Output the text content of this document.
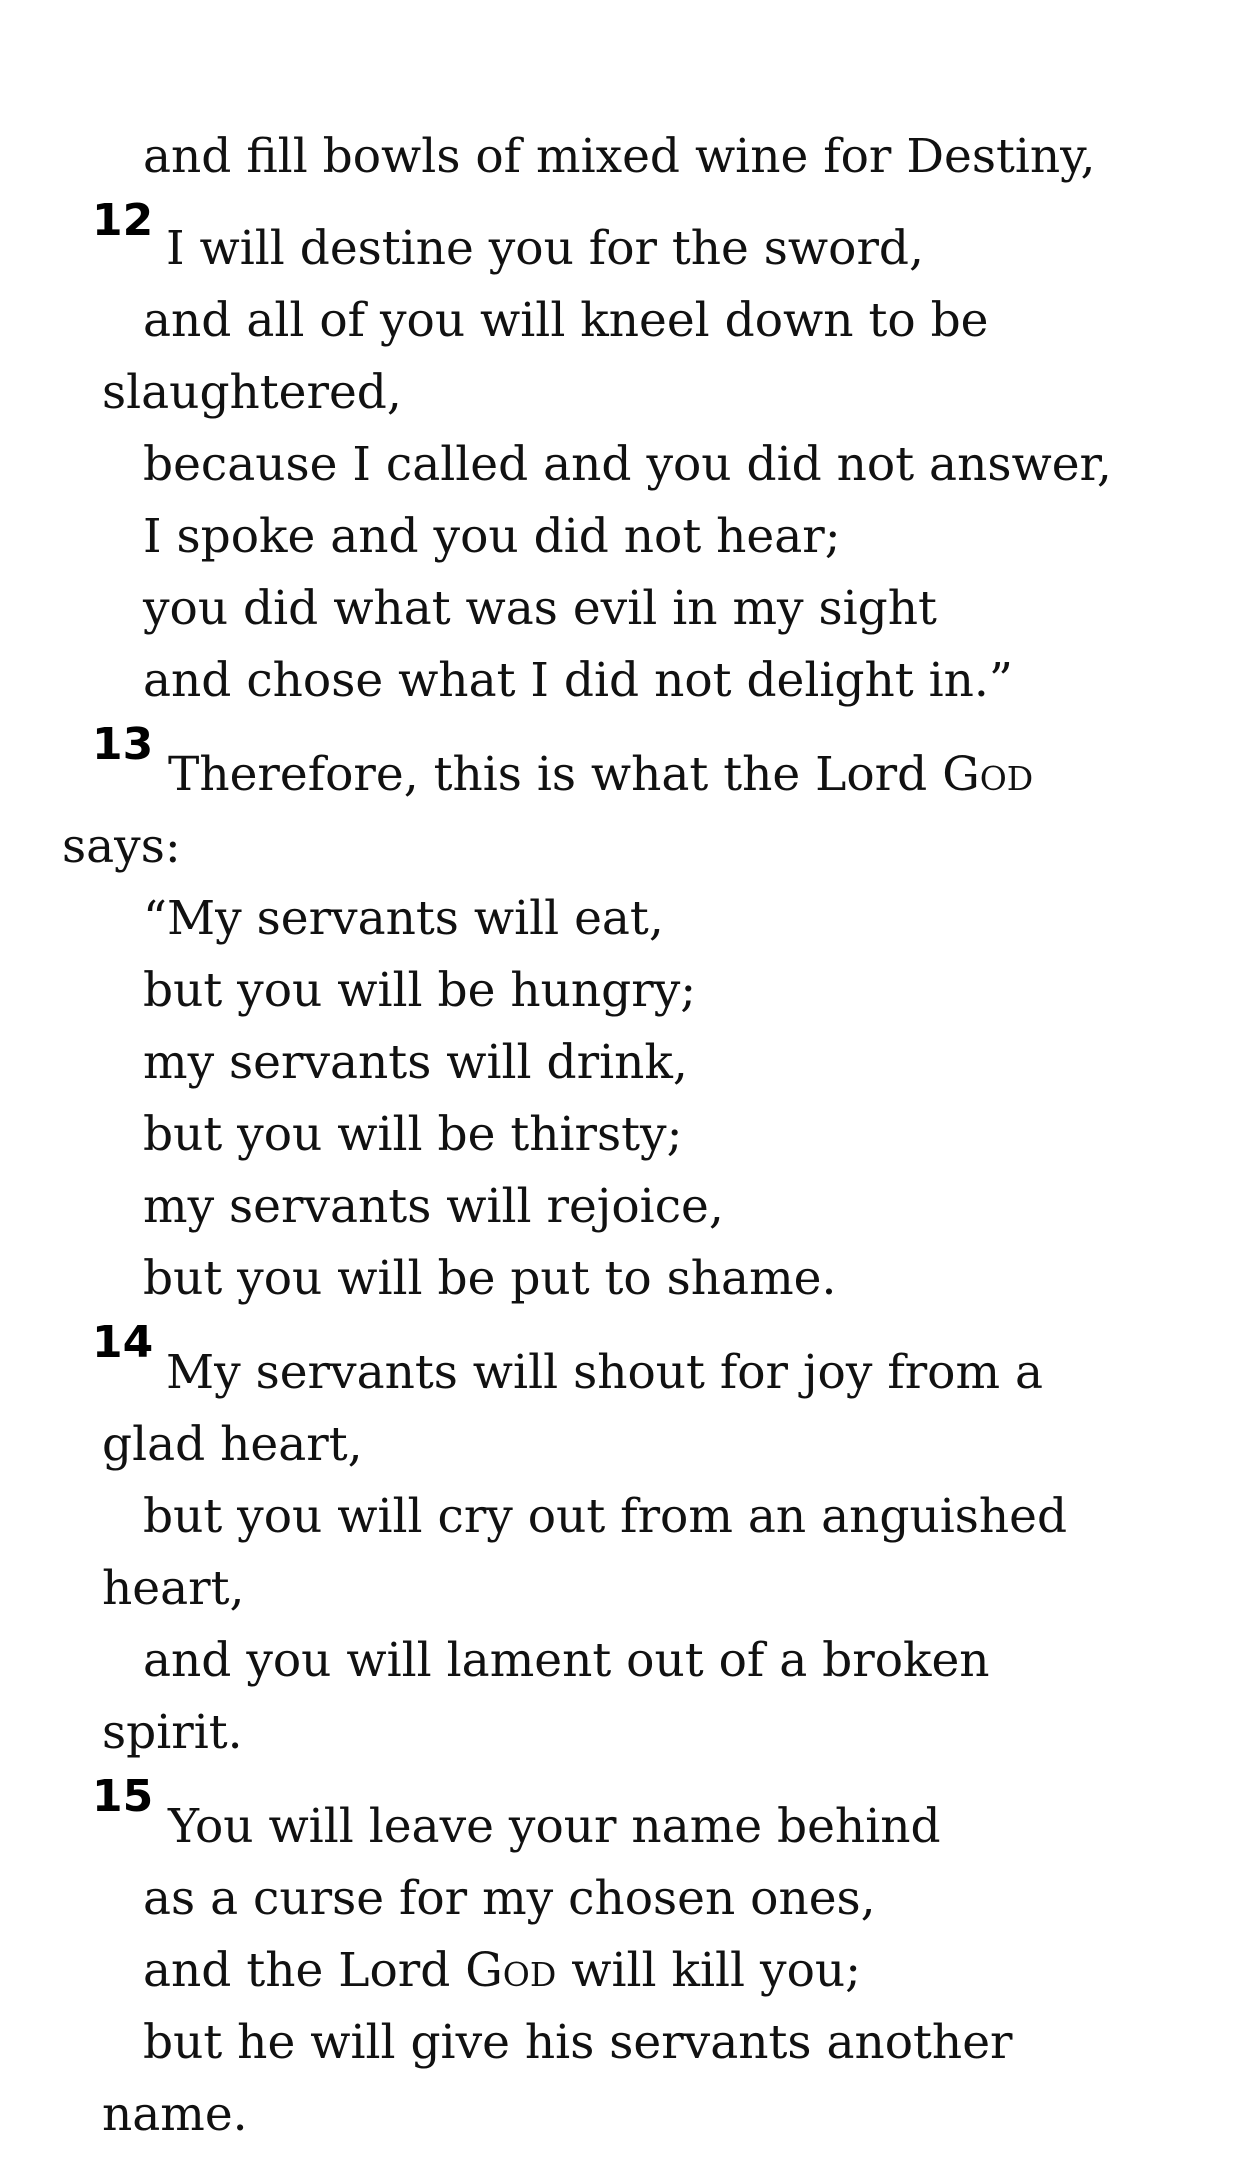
and fill bowls of mixed wine for Destiny,

12

I will destine you for the sword,

and all of you will kneel down to be

slaughtered,

because I called and you did not answer,

I spoke and you did not hear;

you did what was evil in my sight

and chose what I did not delight in.”

13

Therefore, this is what the Lord God

says:

“My servants will eat,

but you will be hungry;

my servants will drink,

but you will be thirsty;

my servants will rejoice,

but you will be put to shame.

14

My servants will shout for joy from a

glad heart,

but you will cry out from an anguished

heart,

and you will lament out of a broken

spirit.

15

You will leave your name behind

as a curse for my chosen ones,

and the Lord God will kill you;

but he will give his servants another

name.
